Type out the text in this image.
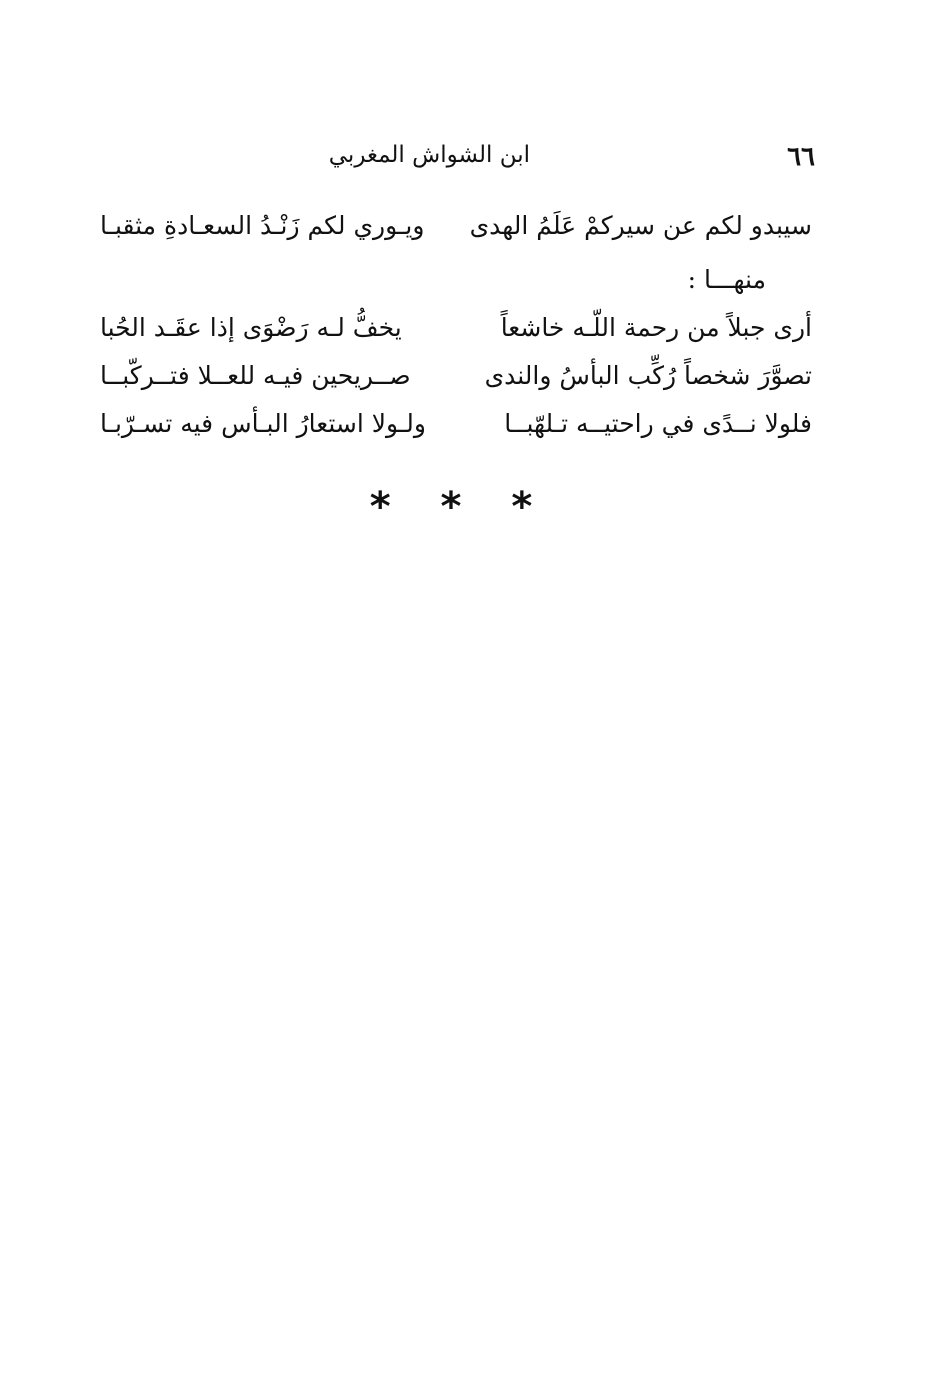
٦٦
ابن الشواش المغربي
سيبدو لكم عن سيركمْ عَلَمُ الهدى
ويـوري لكم زَنْـدُ السعـادةِ مثقبـا
منهـــا :
أرى جبلاً من رحمة اللّـه خاشعاً
يخفُّ لـه رَضْوَى إذا عقَـد الحُبا
تصوَّرَ شخصاً رُكِّب البأسُ والندى
صــريحين فيـه للعــلا فتــركّبــا
فلولا نــدًى في راحتيــه تـلهّبــا
ولـولا استعارُ البـأس فيه تسـرّبـا
* * *
